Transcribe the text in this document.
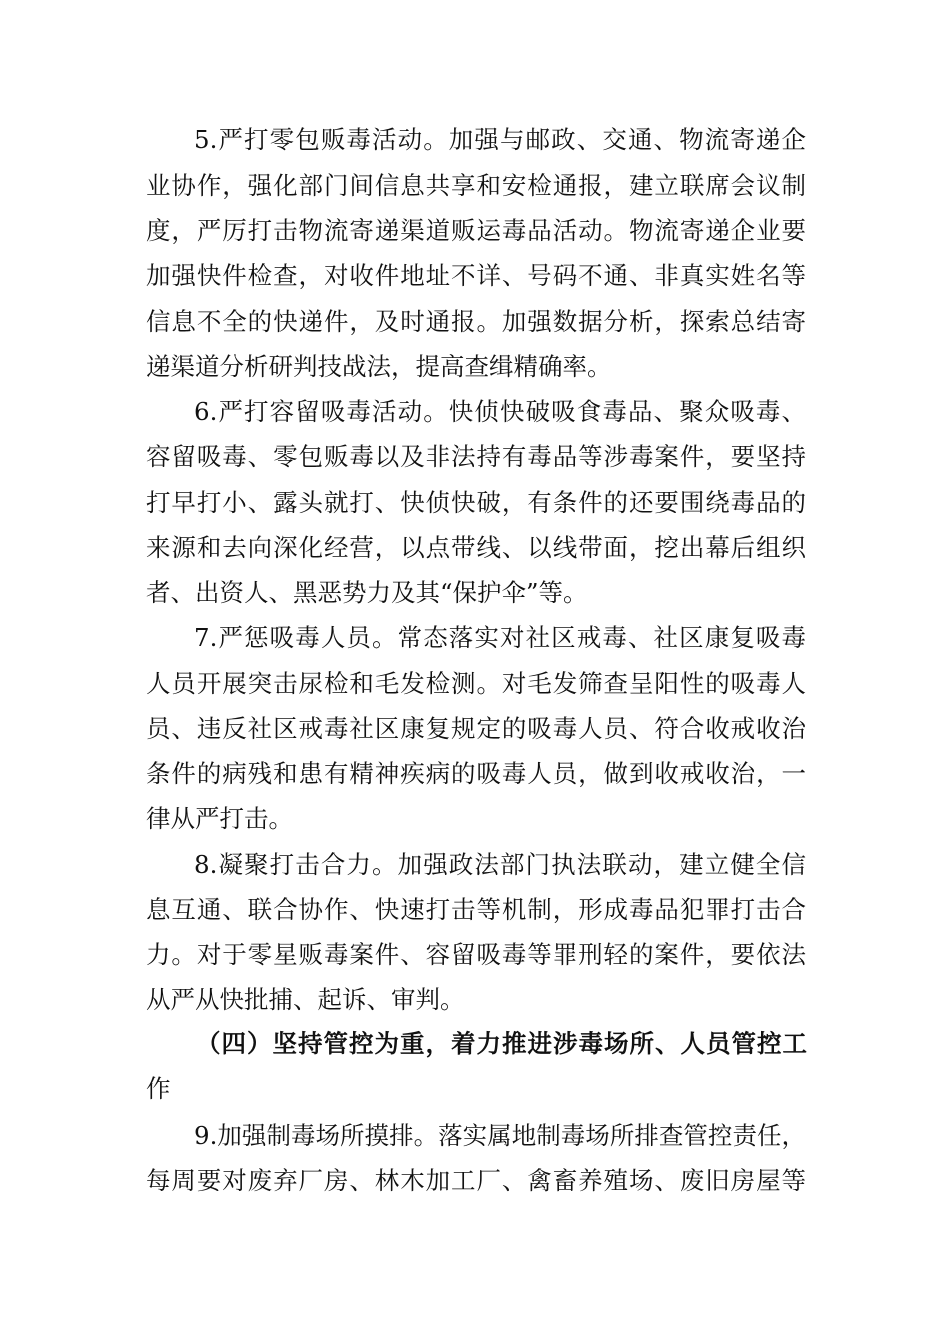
5.严打零包贩毒活动。加强与邮政、交通、物流寄递企
业协作，强化部门间信息共享和安检通报，建立联席会议制
度，严厉打击物流寄递渠道贩运毒品活动。物流寄递企业要
加强快件检查，对收件地址不详、号码不通、非真实姓名等
信息不全的快递件，及时通报。加强数据分析，探索总结寄
递渠道分析研判技战法，提高查缉精确率。
6.严打容留吸毒活动。快侦快破吸食毒品、聚众吸毒、
容留吸毒、零包贩毒以及非法持有毒品等涉毒案件，要坚持
打早打小、露头就打、快侦快破，有条件的还要围绕毒品的
来源和去向深化经营，以点带线、以线带面，挖出幕后组织
者、出资人、黑恶势力及其“保护伞”等。
7.严惩吸毒人员。常态落实对社区戒毒、社区康复吸毒
人员开展突击尿检和毛发检测。对毛发筛查呈阳性的吸毒人
员、违反社区戒毒社区康复规定的吸毒人员、符合收戒收治
条件的病残和患有精神疾病的吸毒人员，做到收戒收治，一
律从严打击。
8.凝聚打击合力。加强政法部门执法联动，建立健全信
息互通、联合协作、快速打击等机制，形成毒品犯罪打击合
力。对于零星贩毒案件、容留吸毒等罪刑轻的案件，要依法
从严从快批捕、起诉、审判。
（四）坚持管控为重，着力推进涉毒场所、人员管控工
作
9.加强制毒场所摸排。落实属地制毒场所排查管控责任，
每周要对废弃厂房、林木加工厂、禽畜养殖场、废旧房屋等
